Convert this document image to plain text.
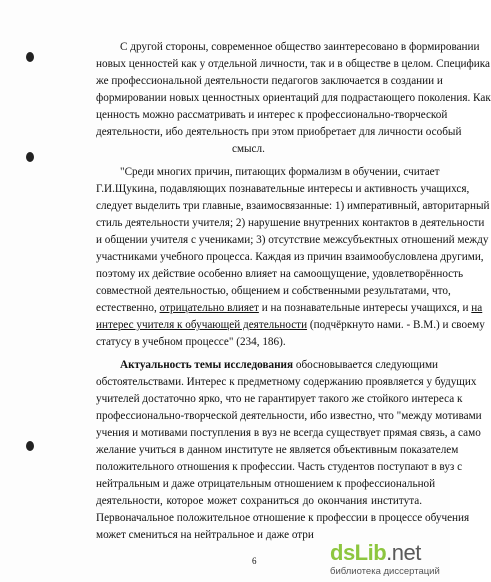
С другой стороны, современное общество заинтересовано в формировании
новых ценностей как у отдельной личности, так и в обществе в целом. Специфика
же профессиональной деятельности педагогов заключается в создании и
формировании новых ценностных ориентаций для подрастающего поколения. Как
ценность можно рассматривать и интерес к профессионально-творческой
деятельности, ибо деятельность при этом приобретает для личности особый
смысл.
"Среди многих причин, питающих формализм в обучении, считает
Г.И.Щукина, подавляющих познавательные интересы и активность учащихся,
следует выделить три главные, взаимосвязанные: 1) императивный, авторитарный
стиль деятельности учителя; 2) нарушение внутренних контактов в деятельности
и общении учителя с учениками; 3) отсутствие межсубъектных отношений между
участниками учебного процесса. Каждая из причин взаимообусловлена другими,
поэтому их действие особенно влияет на самоощущение, удовлетворённость
совместной деятельностью, общением и собственными результатами, что,
естественно, отрицательно влияет и на познавательные интересы учащихся, и на
интерес учителя к обучающей деятельности (подчёркнуто нами. - В.М.) и своему
статусу в учебном процессе" (234, 186).
Актуальность темы исследования обосновывается следующими
обстоятельствами. Интерес к предметному содержанию проявляется у будущих
учителей достаточно ярко, что не гарантирует такого же стойкого интереса к
профессионально-творческой деятельности, ибо известно, что "между мотивами
учения и мотивами поступления в вуз не всегда существует прямая связь, а само
желание учиться в данном институте не является объективным показателем
положительного отношения к профессии. Часть студентов поступают в вуз с
нейтральным и даже отрицательным отношением к профессиональной
деятельности, которое может сохраниться до окончания института.
Первоначальное положительное отношение к профессии в процессе обучения
может смениться на нейтральное и даже отри
6	dsLib.net
библиотека диссертаций
